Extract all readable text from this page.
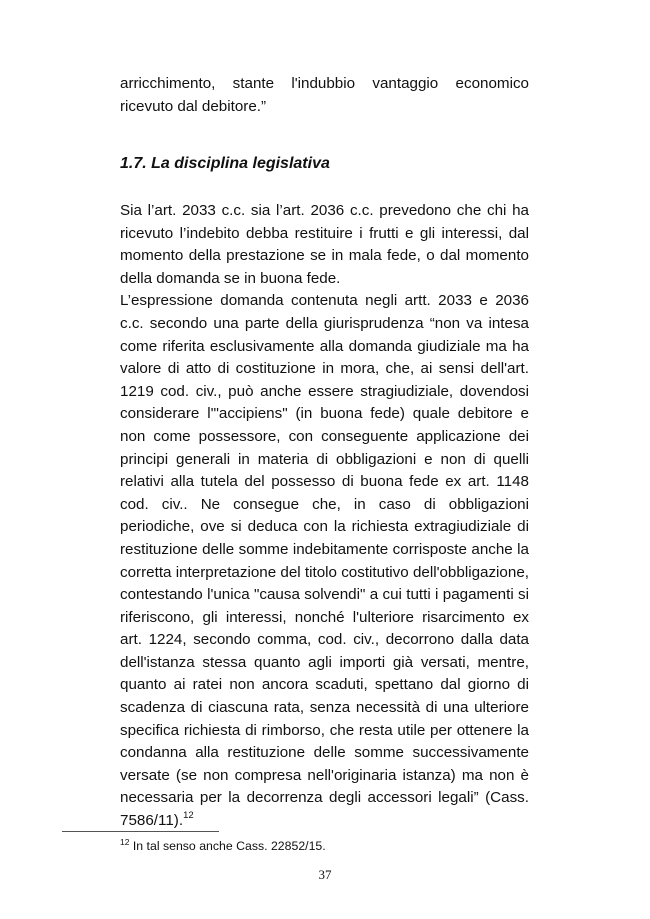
arricchimento, stante l'indubbio vantaggio economico ricevuto dal debitore.”

1.7. La disciplina legislativa

Sia l’art. 2033 c.c. sia l’art. 2036 c.c. prevedono che chi ha ricevuto l’indebito debba restituire i frutti e gli interessi, dal momento della prestazione se in mala fede, o dal momento della domanda se in buona fede.

L’espressione domanda contenuta negli artt. 2033 e 2036 c.c. secondo una parte della giurisprudenza “non va intesa come riferita esclusivamente alla domanda giudiziale ma ha valore di atto di costituzione in mora, che, ai sensi dell'art. 1219 cod. civ., può anche essere stragiudiziale, dovendosi considerare l'"accipiens" (in buona fede) quale debitore e non come possessore, con conseguente applicazione dei principi generali in materia di obbligazioni e non di quelli relativi alla tutela del possesso di buona fede ex art. 1148 cod. civ.. Ne consegue che, in caso di obbligazioni periodiche, ove si deduca con la richiesta extragiudiziale di restituzione delle somme indebitamente corrisposte anche la corretta interpretazione del titolo costitutivo dell'obbligazione, contestando l'unica "causa solvendi" a cui tutti i pagamenti si riferiscono, gli interessi, nonché l'ulteriore risarcimento ex art. 1224, secondo comma, cod. civ., decorrono dalla data dell'istanza stessa quanto agli importi già versati, mentre, quanto ai ratei non ancora scaduti, spettano dal giorno di scadenza di ciascuna rata, senza necessità di una ulteriore specifica richiesta di rimborso, che resta utile per ottenere la condanna alla restituzione delle somme successivamente versate (se non compresa nell'originaria istanza) ma non è necessaria per la decorrenza degli accessori legali” (Cass. 7586/11).$^{12}$

$^{12}$ In tal senso anche Cass. 22852/15.

37
